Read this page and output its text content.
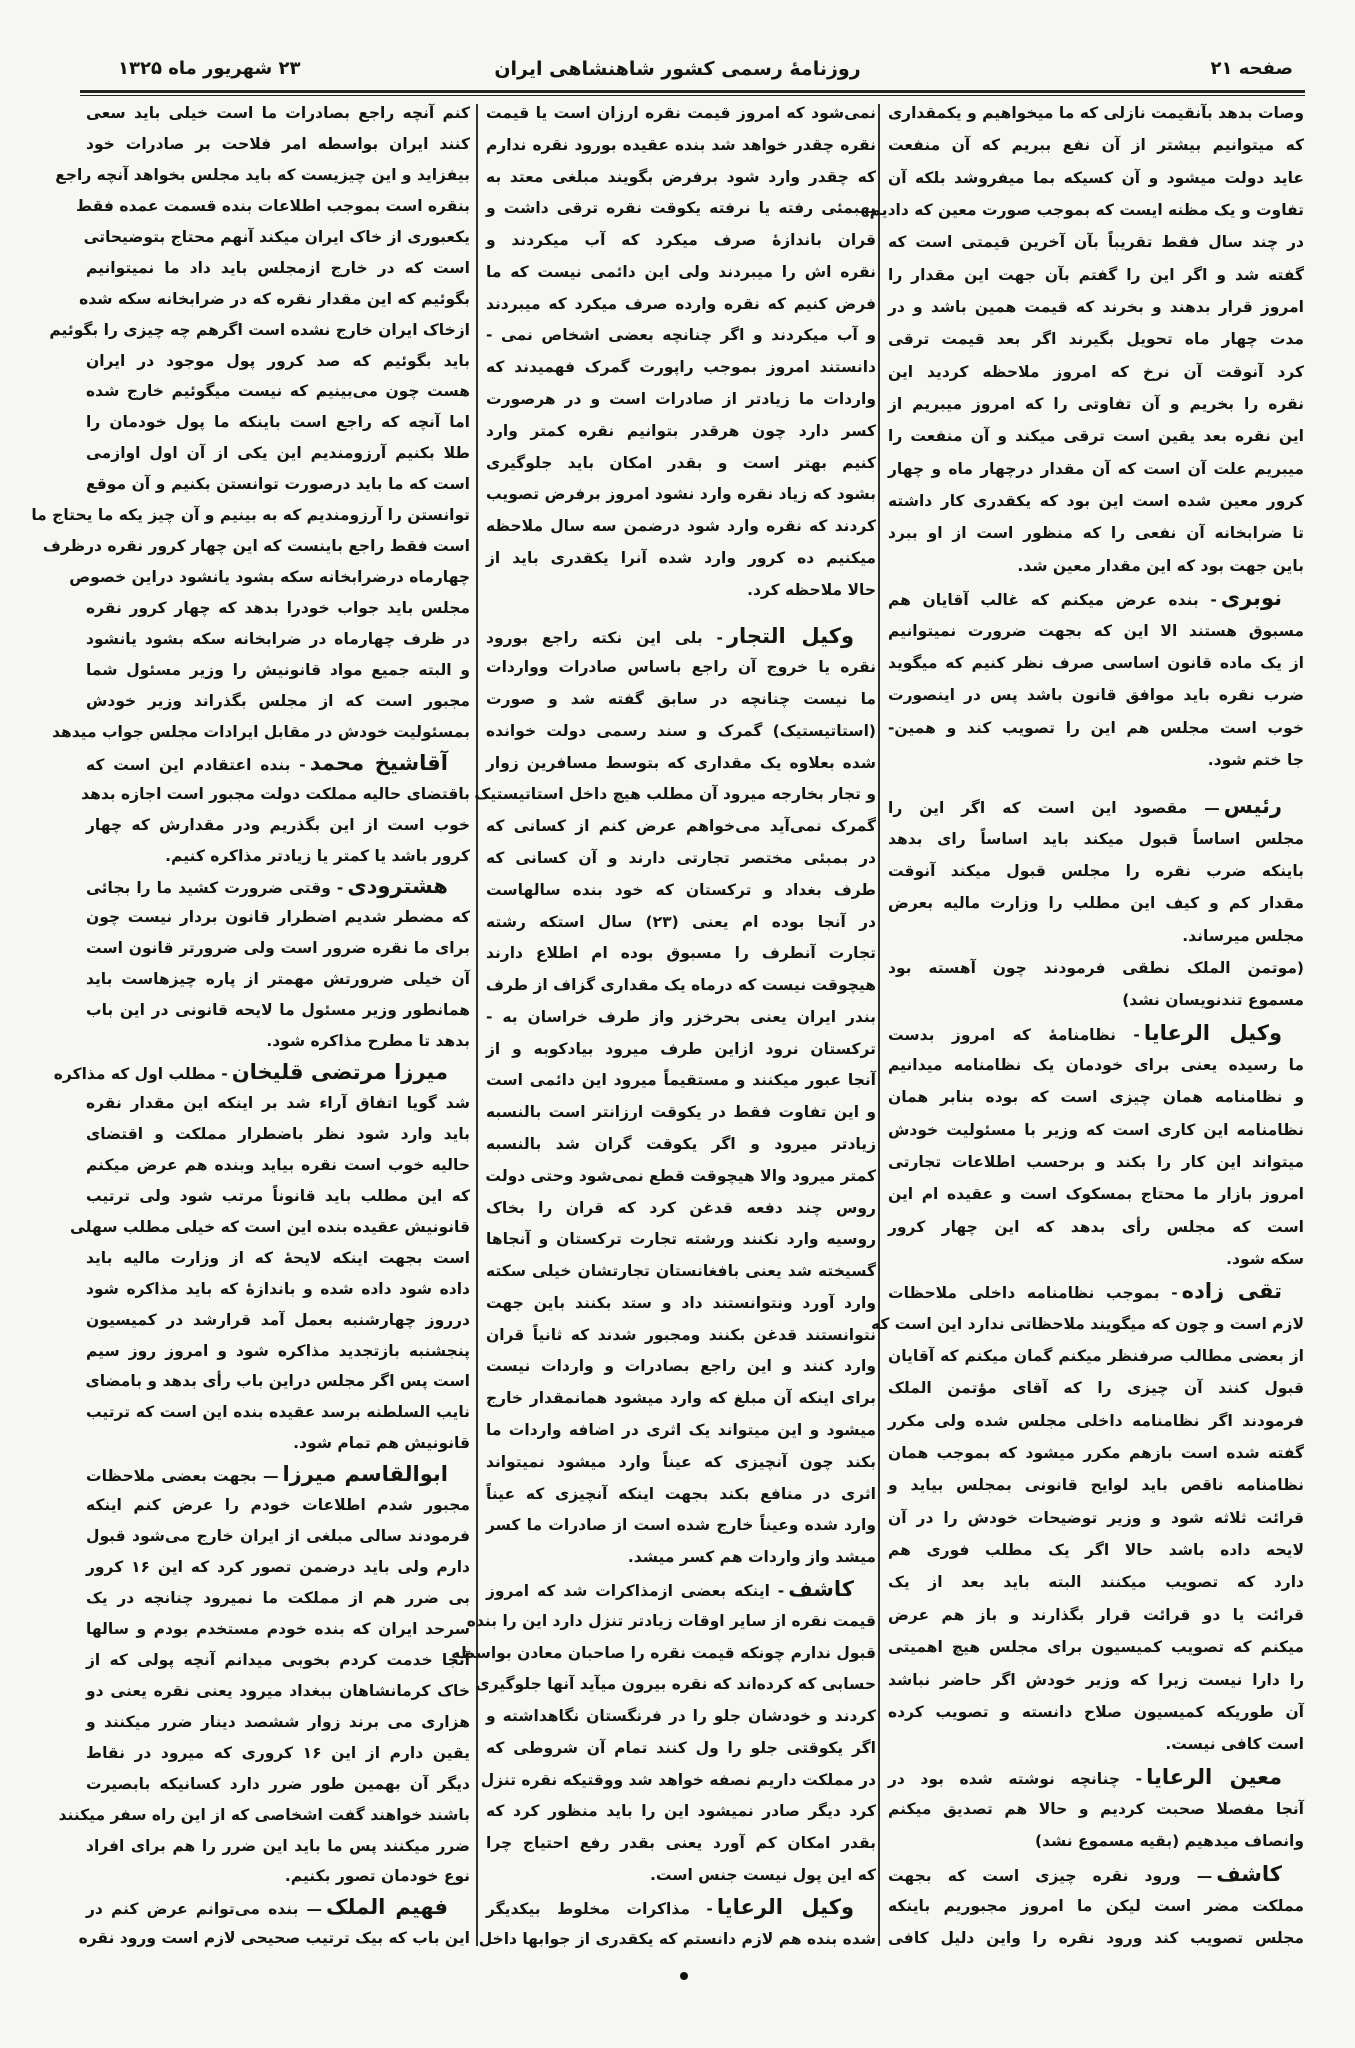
صفحه ۲۱
روزنامهٔ رسمی کشور شاهنشاهی ایران
۲۳ شهریور ماه ۱۳۲۵
وصات بدهد بآنقیمت نازلی که ما میخواهیم و یکمقداری
که میتوانیم بیشتر از آن نفع ببریم که آن منفعت
عاید دولت میشود و آن کسیکه بما میفروشد بلکه آن
تفاوت و یک مظنه ایست که بموجب صورت معین که دادیم
در چند سال فقط تقریباً بآن آخرین قیمتی است که
گفته شد و اگر این را گفتم بآن جهت این مقدار را
امروز قرار بدهند و بخرند که قیمت همین باشد و در
مدت چهار ماه تحویل بگیرند اگر بعد قیمت ترقی
کرد آنوقت آن نرخ که امروز ملاحظه کردید این
نقره را بخریم و آن تفاوتی را که امروز میبریم از
این نقره بعد یقین است ترقی میکند و آن منفعت را
میبریم علت آن است که آن مقدار درچهار ماه و چهار
کرور معین شده است این بود که یکقدری کار داشته
تا ضرابخانه آن نفعی را که منظور است از او ببرد
باین جهت بود که این مقدار معین شد.
نوبری- بنده عرض میکنم که غالب آقایان هم
مسبوق هستند الا این که بجهت ضرورت نمیتوانیم
از یک ماده قانون اساسی صرف نظر کنیم که میگوید
ضرب نقره باید موافق قانون باشد پس در اینصورت
خوب است مجلس هم این را تصویب کند و همین-
جا ختم شود.
رئیس— مقصود این است که اگر این را
مجلس اساساً قبول میکند باید اساساً رای بدهد
باینکه ضرب نقره را مجلس قبول میکند آنوقت
مقدار کم و کیف این مطلب را وزارت مالیه بعرض
مجلس میرساند.
(موتمن الملک نطقی فرمودند چون آهسته بود
مسموع تندنویسان نشد)
وکیل الرعایا- نظامنامهٔ که امروز بدست
ما رسیده یعنی برای خودمان یک نظامنامه میدانیم
و نظامنامه همان چیزی است که بوده بنابر همان
نظامنامه این کاری است که وزیر با مسئولیت خودش
میتواند این کار را بکند و برحسب اطلاعات تجارتی
امروز بازار ما محتاج بمسکوک است و عقیده ام این
است که مجلس رأی بدهد که این چهار کرور
سکه شود.
تقی زاده- بموجب نظامنامه داخلی ملاحظات
لازم است و چون که میگویند ملاحظاتی ندارد این است که
از بعضی مطالب صرفنظر میکنم گمان میکنم که آقایان
قبول کنند آن چیزی را که آقای مؤتمن الملک
فرمودند اگر نظامنامه داخلی مجلس شده ولی مکرر
گفته شده است بازهم مکرر میشود که بموجب همان
نظامنامه ناقص باید لوایح قانونی بمجلس بیاید و
قرائت ثلاثه شود و وزیر توضیحات خودش را در آن
لایحه داده باشد حالا اگر یک مطلب فوری هم
دارد که تصویب میکنند البته باید بعد از یک
قرائت یا دو قرائت قرار بگذارند و باز هم عرض
میکنم که تصویب کمیسیون برای مجلس هیچ اهمیتی
را دارا نیست زیرا که وزیر خودش اگر حاضر نباشد
آن طوریکه کمیسیون صلاح دانسته و تصویب کرده
است کافی نیست.
معین الرعایا- چنانچه نوشته شده بود در
آنجا مفصلا صحبت کردیم و حالا هم تصدیق میکنم
وانصاف میدهیم (بقیه مسموع نشد)
کاشف— ورود نقره چیزی است که بجهت
مملکت مضر است لیکن ما امروز مجبوریم باینکه
مجلس تصویب کند ورود نقره را واین دلیل کافی
نمی‌شود که امروز قیمت نقره ارزان است یا قیمت
نقره چقدر خواهد شد بنده عقیده بورود نقره ندارم
که چقدر وارد شود برفرض بگویند مبلغی معتد به
بهبمئی رفته یا نرفته یکوقت نقره ترقی داشت و
قران باندازهٔ صرف میکرد که آب میکردند و
نقره اش را میبردند ولی این دائمی نیست که ما
فرض کنیم که نقره وارده صرف میکرد که میبردند
و آب میکردند و اگر چنانچه بعضی اشخاص نمی -
دانستند امروز بموجب راپورت گمرک فهمیدند که
واردات ما زیادتر از صادرات است و در هرصورت
کسر دارد چون هرقدر بتوانیم نقره کمتر وارد
کنیم بهتر است و بقدر امکان باید جلوگیری
بشود که زیاد نقره وارد نشود امروز برفرض تصویب
کردند که نقره وارد شود درضمن سه سال ملاحظه
میکنیم ده کرور وارد شده آنرا یکقدری باید از
حالا ملاحظه کرد.
وکیل التجار- بلی این نکته راجع بورود
نقره یا خروج آن راجع باساس صادرات وواردات
ما نیست چنانچه در سابق گفته شد و صورت
(استاتیستیک) گمرک و سند رسمی دولت خوانده
شده بعلاوه یک مقداری که بتوسط مسافرین زوار
و تجار بخارجه میرود آن مطلب هیچ داخل استاتیستیک
گمرک نمی‌آید می‌خواهم عرض کنم از کسانی که
در بمبئی مختصر تجارتی دارند و آن کسانی که
طرف بغداد و ترکستان که خود بنده سالهاست
در آنجا بوده ام یعنی (۲۳) سال استکه رشته
تجارت آنطرف را مسبوق بوده ام اطلاع دارند
هیچوقت نیست که درماه یک مقداری گزاف از طرف
بندر ایران یعنی بحرخزر واز طرف خراسان به -
ترکستان نرود ازاین طرف میرود بیادکوبه و از
آنجا عبور میکنند و مستقیماً میرود این دائمی است
و این تفاوت فقط در یکوقت ارزانتر است بالنسبه
زیادتر میرود و اگر یکوقت گران شد بالنسبه
کمتر میرود والا هیچوقت قطع نمی‌شود وحتی دولت
روس چند دفعه قدغن کرد که قران را بخاک
روسیه وارد نکنند ورشته تجارت ترکستان و آنجاها
گسیخته شد یعنی بافغانستان تجارتشان خیلی سکته
وارد آورد ونتوانستند داد و ستد بکنند باین جهت
نتوانستند قدغن بکنند ومجبور شدند که ثانیاً قران
وارد کنند و این راجع بصادرات و واردات نیست
برای اینکه آن مبلغ که وارد میشود همانمقدار خارج
میشود و این میتواند یک اثری در اضافه واردات ما
بکند چون آنچیزی که عیناً وارد میشود نمیتواند
اثری در منافع بکند بجهت اینکه آنچیزی که عیناً
وارد شده وعیناً خارج شده است از صادرات ما کسر
میشد واز واردات هم کسر میشد.
کاشف- اینکه بعضی ازمذاکرات شد که امروز
قیمت نقره از سایر اوقات زیادتر تنزل دارد این را بنده
قبول ندارم چونکه قیمت نقره را صاحبان معادن بواسطه
حسابی که کرده‌اند که نقره بیرون میآید آنها جلوگیری
کردند و خودشان جلو را در فرنگستان نگاهداشته و
اگر یکوقتی جلو را ول کنند تمام آن شروطی که
در مملکت داریم نصفه خواهد شد ووقتیکه نقره تنزل
کرد دیگر صادر نمیشود این را باید منظور کرد که
بقدر امکان کم آورد یعنی بقدر رفع احتیاج چرا
که این پول نیست جنس است.
وکیل الرعایا- مذاکرات مخلوط بیکدیگر
شده بنده هم لازم دانستم که یکقدری از جوابها داخل
کنم آنچه راجع بصادرات ما است خیلی باید سعی
کنند ایران بواسطه امر فلاحت بر صادرات خود
بیفزاید و این چیزیست که باید مجلس بخواهد آنچه راجع
بنقره است بموجب اطلاعات بنده قسمت عمده فقط
یکعبوری از خاک ایران میکند آنهم محتاج بتوضیحاتی
است که در خارج ازمجلس باید داد ما نمیتوانیم
بگوئیم که این مقدار نقره که در ضرابخانه سکه شده
ازخاک ایران خارج نشده است اگرهم چه چیزی را بگوئیم
باید بگوئیم که صد کرور پول موجود در ایران
هست چون می‌بینیم که نیست میگوئیم خارج شده
اما آنچه که راجع است باینکه ما پول خودمان را
طلا بکنیم آرزومندیم این یکی از آن اول اوازمی
است که ما باید درصورت توانستن بکنیم و آن موقع
توانستن را آرزومندیم که به بینیم و آن چیز یکه ما یحتاج ما
است فقط راجع باینست که این چهار کرور نقره درظرف
چهارماه درضرابخانه سکه بشود یانشود دراین خصوص
مجلس باید جواب خودرا بدهد که چهار کرور نقره
در ظرف چهارماه در ضرابخانه سکه بشود یانشود
و البته جمیع مواد قانونیش را وزیر مسئول شما
مجبور است که از مجلس بگذراند وزیر خودش
بمسئولیت خودش در مقابل ایرادات مجلس جواب میدهد
آقاشیخ محمد- بنده اعتقادم این است که
باقتضای حالیه مملکت دولت مجبور است اجازه بدهد
خوب است از این بگذریم ودر مقدارش که چهار
کرور باشد یا کمتر یا زیادتر مذاکره کنیم.
هشترودی- وقتی ضرورت کشید ما را بجائی
که مضطر شدیم اضطرار قانون بردار نیست چون
برای ما نقره ضرور است ولی ضرورتر قانون است
آن خیلی ضرورتش مهمتر از پاره چیزهاست باید
همانطور وزیر مسئول ما لایحه قانونی در این باب
بدهد تا مطرح مذاکره شود.
میرزا مرتضی قلیخان- مطلب اول که مذاکره
شد گویا اتفاق آراء شد بر اینکه این مقدار نقره
باید وارد شود نظر باضطرار مملکت و اقتضای
حالیه خوب است نقره بیاید وبنده هم عرض میکنم
که این مطلب باید قانوناً مرتب شود ولی ترتیب
قانونیش عقیده بنده این است که خیلی مطلب سهلی
است بجهت اینکه لایحهٔ که از وزارت مالیه باید
داده شود داده شده و باندازهٔ که باید مذاکره شود
درروز چهارشنبه بعمل آمد قرارشد در کمیسیون
پنجشنبه بازتجدید مذاکره شود و امروز روز سیم
است پس اگر مجلس دراین باب رأی بدهد و بامضای
نایب السلطنه برسد عقیده بنده این است که ترتیب
قانونیش هم تمام شود.
ابوالقاسم میرزا— بجهت بعضی ملاحظات
مجبور شدم اطلاعات خودم را عرض کنم اینکه
فرمودند سالی مبلغی از ایران خارج می‌شود قبول
دارم ولی باید درضمن تصور کرد که این ۱۶ کرور
بی ضرر هم از مملکت ما نمیرود چنانچه در یک
سرحد ایران که بنده خودم مستخدم بودم و سالها
آنجا خدمت کردم بخوبی میدانم آنچه پولی که از
خاک کرمانشاهان ببغداد میرود یعنی نقره یعنی دو
هزاری می برند زوار ششصد دینار ضرر میکنند و
یقین دارم از این ۱۶ کروری که میرود در نقاط
دیگر آن بهمین طور ضرر دارد کسانیکه بابصیرت
باشند خواهند گفت اشخاصی که از این راه سفر میکنند
ضرر میکنند پس ما باید این ضرر را هم برای افراد
نوع خودمان تصور بکنیم.
فهیم الملک— بنده می‌توانم عرض کنم در
این باب که بیک ترتیب صحیحی لازم است ورود نقره
